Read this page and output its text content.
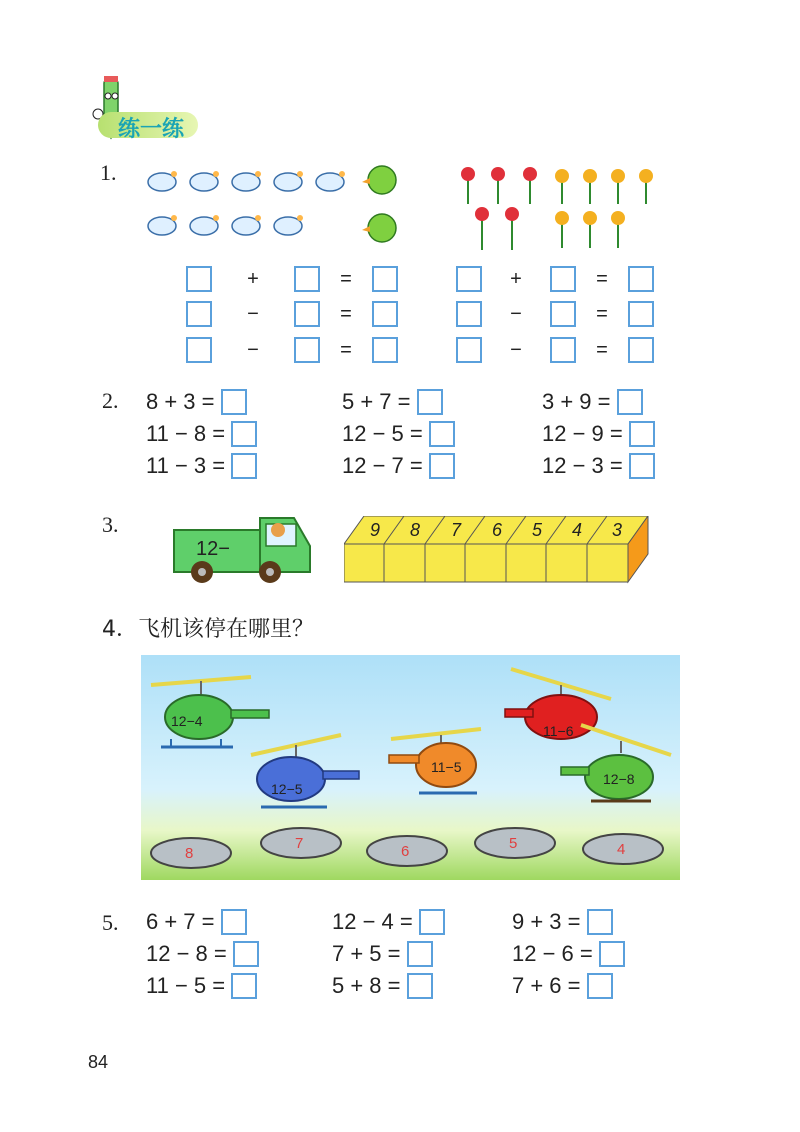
练一练
1.
+	=
−	=
−	=
+	=
−	=
−	=
2. 8 + 3 =	5 + 7 =	3 + 9 =
11 − 8 =	12 − 5 =	12 − 9 =
11 − 3 =	12 − 7 =	12 − 3 =
3.
12−
9 8 7 6 5 4 3
4．飞机该停在哪里？
12−4
12−5
11−5
11−6
12−8
8
7	6	5	4
5. 6 + 7 =	12 − 4 =	9 + 3 =
12 − 8 =	7 + 5 =	12 − 6 =
11 − 5 =	5 + 8 =	7 + 6 =
84
